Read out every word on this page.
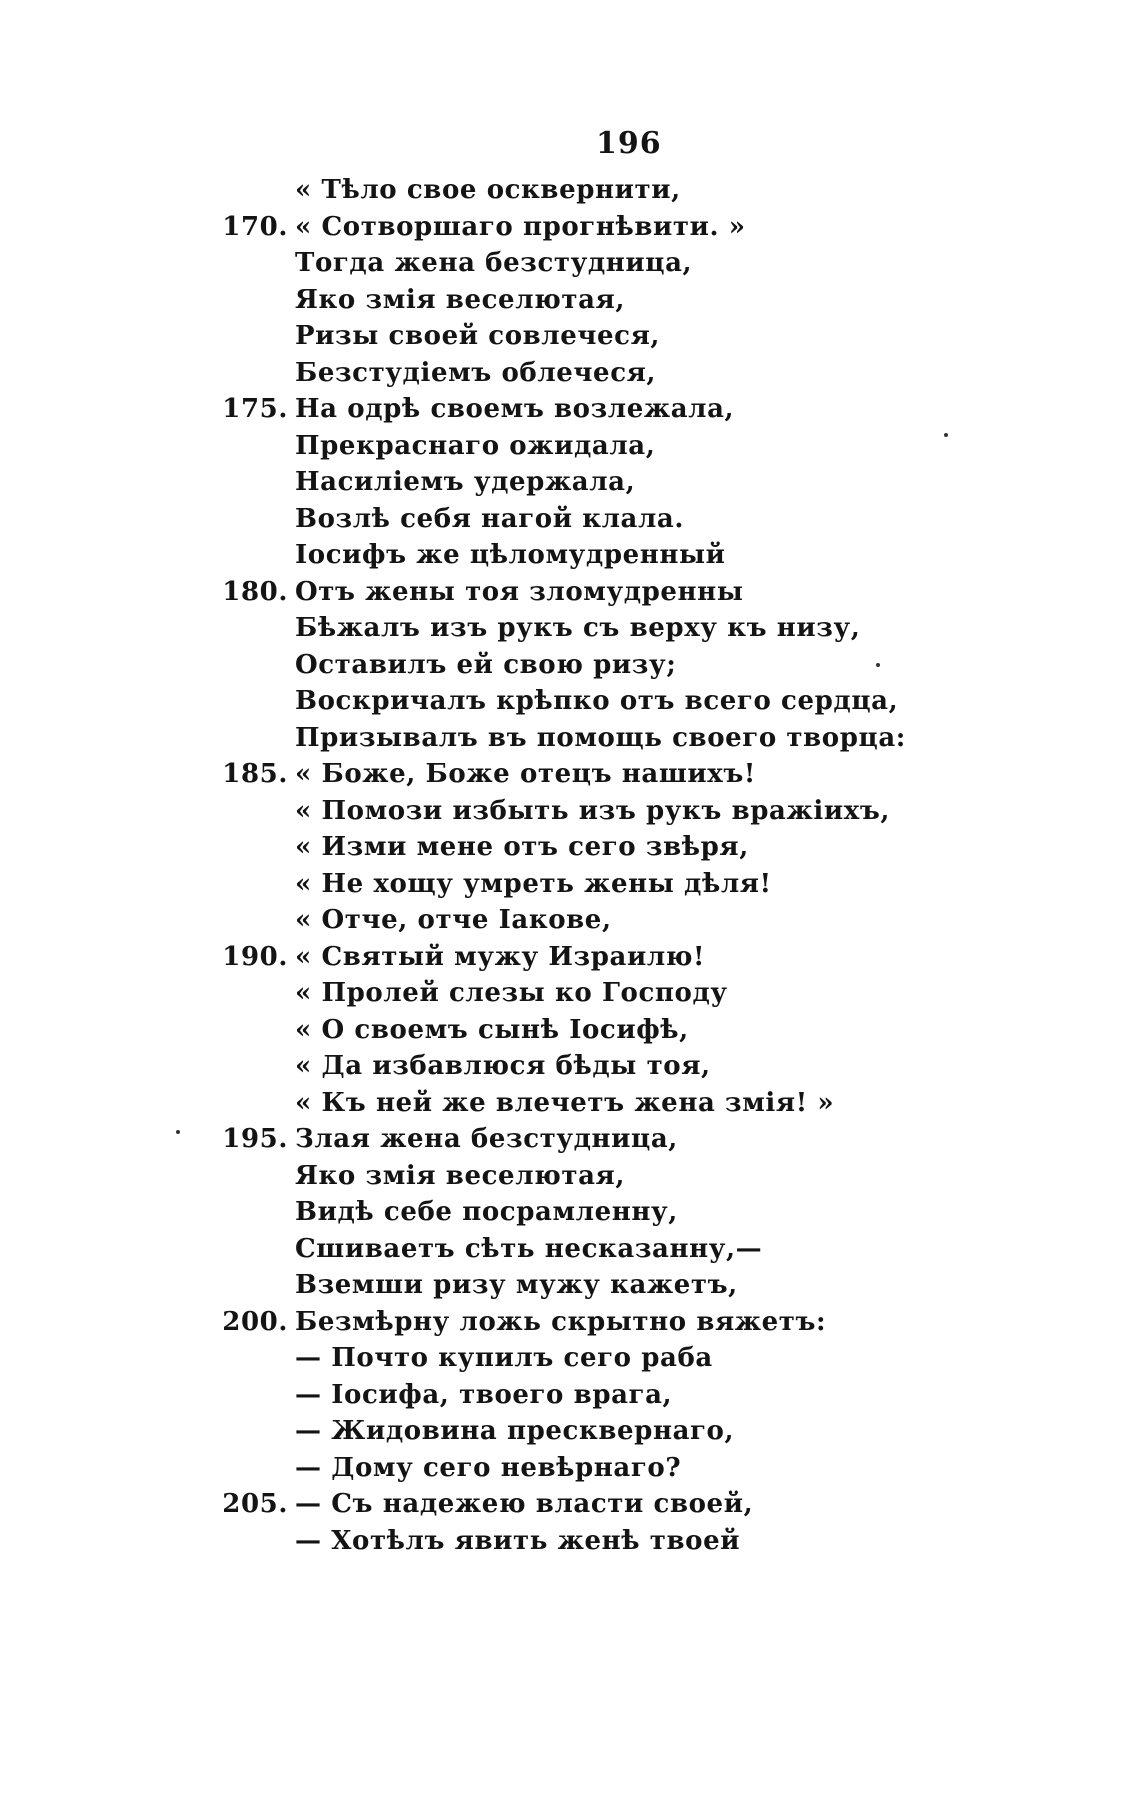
196
« Тѣло свое осквернити,
170. « Сотворшаго прогнѣвити. »
Тогда жена безстудница,
Яко змія веселютая,
Ризы своей совлечеся,
Безстудіемъ облечеся,
175. На одрѣ своемъ возлежала,
Прекраснаго ожидала,
Насиліемъ удержала,
Возлѣ себя нагой клала.
Іосифъ же цѣломудренный
180. Отъ жены тоя зломудренны
Бѣжалъ изъ рукъ съ верху къ низу,
Оставилъ ей свою ризу;
Воскричалъ крѣпко отъ всего сердца,
Призывалъ въ помощь своего творца:
185. « Боже, Боже отецъ нашихъ!
« Помози избыть изъ рукъ вражіихъ,
« Изми мене отъ сего звѣря,
« Не хощу умреть жены дѣля!
« Отче, отче Іакове,
190. « Святый мужу Израилю!
« Пролей слезы ко Господу
« О своемъ сынѣ Іосифѣ,
« Да избавлюся бѣды тоя,
« Къ ней же влечетъ жена змія! »
195. Злая жена безстудница,
Яко змія веселютая,
Видѣ себе посрамленну,
Сшиваетъ сѣть несказанну,—
Вземши ризу мужу кажетъ,
200. Безмѣрну ложь скрытно вяжетъ:
— Почто купилъ сего раба
— Іосифа, твоего врага,
— Жидовина пресквернаго,
— Дому сего невѣрнаго?
205. — Съ надежею власти своей,
— Хотѣлъ явить женѣ твоей
